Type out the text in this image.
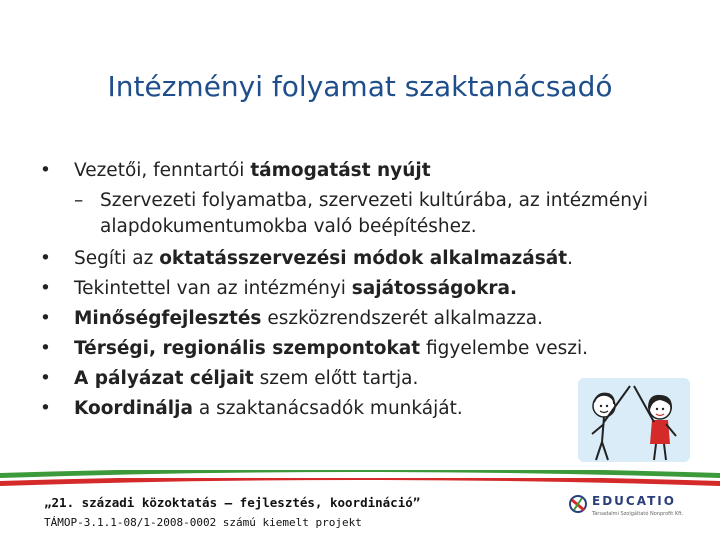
Intézményi folyamat szaktanácsadó
• Vezetői, fenntartói támogatást nyújt
– Szervezeti folyamatba, szervezeti kultúrába, az intézményi alapdokumentumokba való beépítéshez.
• Segíti az oktatásszervezési módok alkalmazását.
• Tekintettel van az intézményi sajátosságokra.
• Minőségfejlesztés eszközrendszerét alkalmazza.
• Térségi, regionális szempontokat figyelembe veszi.
• A pályázat céljait szem előtt tartja.
• Koordinálja a szaktanácsadók munkáját.
„21. századi közoktatás – fejlesztés, koordináció”
TÁMOP-3.1.1-08/1-2008-0002 számú kiemelt projekt
EDUCATIO
Társadalmi Szolgáltató Nonprofit Kft.
